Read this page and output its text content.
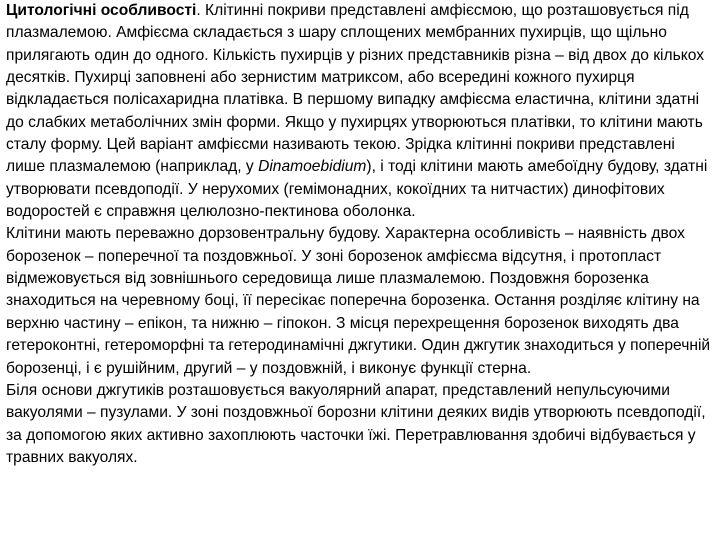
Цитологічні особливості. Клітинні покриви представлені амфієсмою, що розташовується під плазмалемою. Амфієсма складається з шару сплощених мембранних пухирців, що щільно прилягають один до одного. Кількість пухирців у різних представників різна – від двох до кількох десятків. Пухирці заповнені або зернистим матриксом, або всередині кожного пухирця відкладається полісахаридна платівка. В першому випадку амфієсма еластична, клітини здатні до слабких метаболічних змін форми. Якщо у пухирцях утворюються платівки, то клітини мають сталу форму. Цей варіант амфієсми називають текою. Зрідка клітинні покриви представлені лише плазмалемою (наприклад, у Dinamoebidium), і тоді клітини мають амебоїдну будову, здатні утворювати псевдоподії. У нерухомих (гемімонадних, кокоїдних та нитчастих) динофітових водоростей є справжня целюлозно-пектинова оболонка.

Клітини мають переважно дорзовентральну будову. Характерна особливість – наявність двох борозенок – поперечної та поздовжньої. У зоні борозенок амфієсма відсутня, і протопласт відмежовується від зовнішнього середовища лише плазмалемою. Поздовжня борозенка знаходиться на черевному боці, її пересікає поперечна борозенка. Остання розділяє клітину на верхню частину – епікон, та нижню – гіпокон. З місця перехрещення борозенок виходять два гетероконтні, гетероморфні та гетеродинамічні джгутики. Один джгутик знаходиться у поперечній борозенці, і є рушійним, другий – у поздовжній, і виконує функції стерна.

Біля основи джгутиків розташовується вакуолярний апарат, представлений непульсуючими вакуолями – пузулами. У зоні поздовжньої борозни клітини деяких видів утворюють псевдоподії, за допомогою яких активно захоплюють часточки їжі. Перетравлювання здобичі відбувається у травних вакуолях.
